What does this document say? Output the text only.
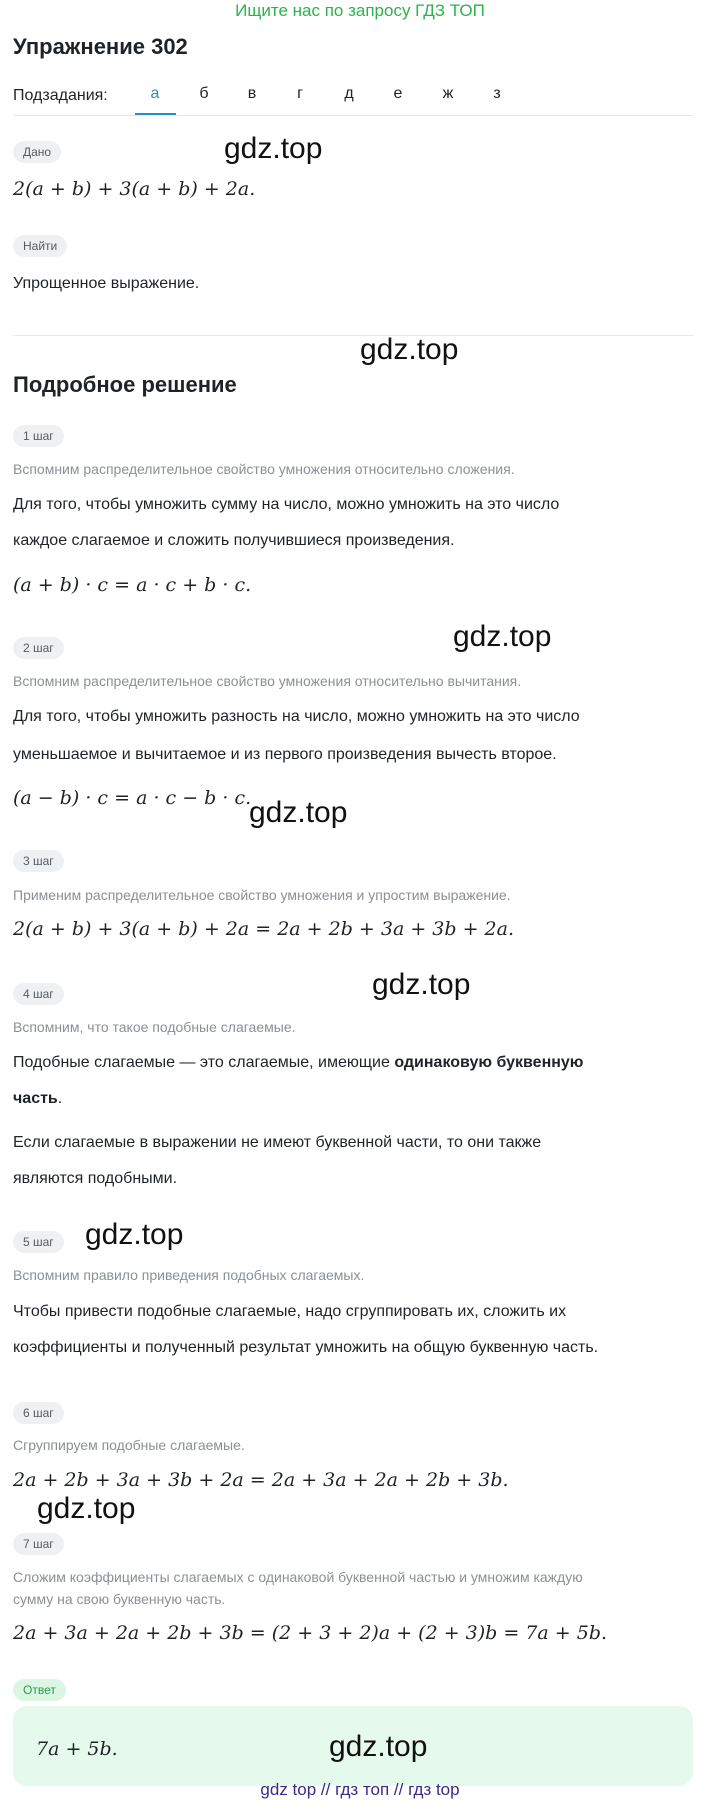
Ищите нас по запросу ГДЗ ТОП
Упражнение 302
Подзадания:	а	б	в	г	д	е	ж	з
Дано
2(a + b) + 3(a + b) + 2a.
Найти
Упрощенное выражение.
Подробное решение
1 шаг
Вспомним распределительное свойство умножения относительно сложения.
Для того, чтобы умножить сумму на число, можно умножить на это число
каждое слагаемое и сложить получившиеся произведения.
(a + b) · c = a · c + b · c.
2 шаг
Вспомним распределительное свойство умножения относительно вычитания.
Для того, чтобы умножить разность на число, можно умножить на это число
уменьшаемое и вычитаемое и из первого произведения вычесть второе.
(a − b) · c = a · c − b · c.
3 шаг
Применим распределительное свойство умножения и упростим выражение.
2(a + b) + 3(a + b) + 2a = 2a + 2b + 3a + 3b + 2a.
4 шаг
Вспомним, что такое подобные слагаемые.
Подобные слагаемые — это слагаемые, имеющие одинаковую буквенную
часть.
Если слагаемые в выражении не имеют буквенной части, то они также
являются подобными.
5 шаг
Вспомним правило приведения подобных слагаемых.
Чтобы привести подобные слагаемые, надо сгруппировать их, сложить их
коэффициенты и полученный результат умножить на общую буквенную часть.
6 шаг
Сгруппируем подобные слагаемые.
2a + 2b + 3a + 3b + 2a = 2a + 3a + 2a + 2b + 3b.
7 шаг
Сложим коэффициенты слагаемых с одинаковой буквенной частью и умножим каждую
сумму на свою буквенную часть.
2a + 3a + 2a + 2b + 3b = (2 + 3 + 2)a + (2 + 3)b = 7a + 5b.
Ответ
7a + 5b.
gdz.top
gdz.top
gdz.top
gdz.top
gdz.top
gdz.top
gdz.top
gdz.top
gdz top // гдз топ // гдз top
